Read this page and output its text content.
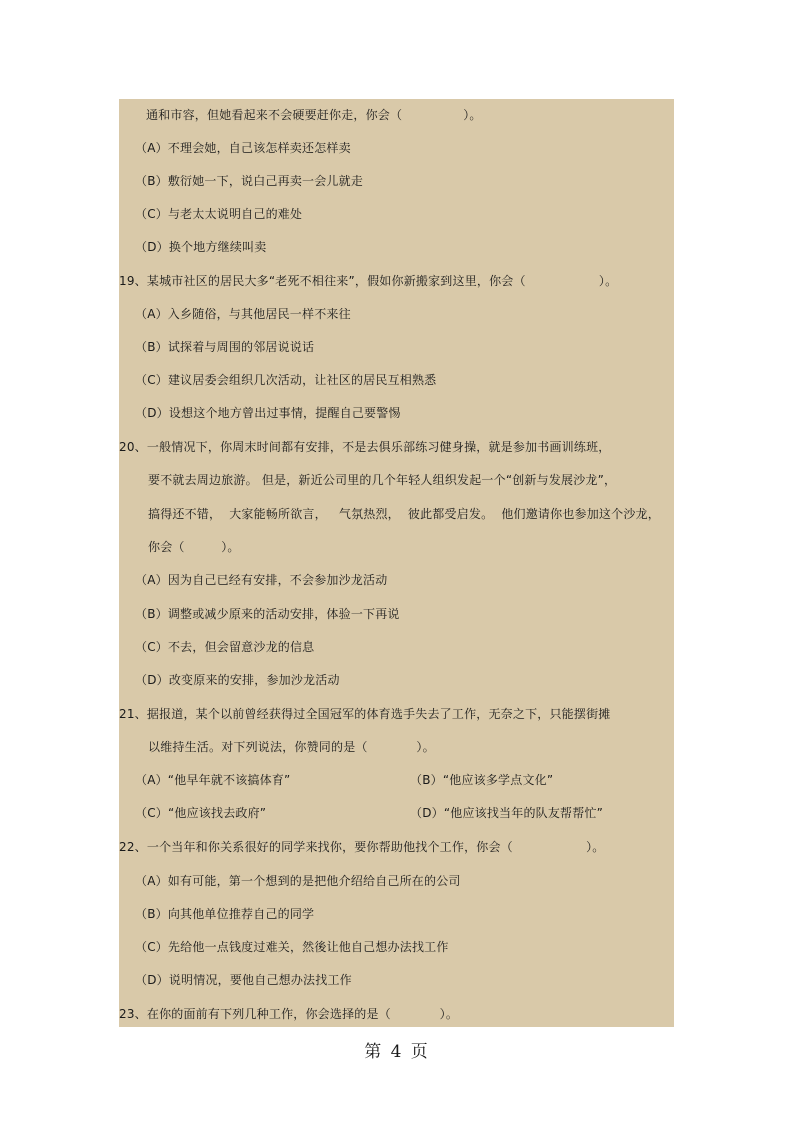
通和市容，但她看起来不会硬要赶你走，你会（　　　　　）。
（A）不理会她，自己该怎样卖还怎样卖
（B）敷衍她一下，说白己再卖一会儿就走
（C）与老太太说明自己的难处
（D）换个地方继续叫卖
19、某城市社区的居民大多“老死不相往来”，假如你新搬家到这里，你会（　　　　　　）。
（A）入乡随俗，与其他居民一样不来往
（B）试探着与周围的邻居说说话
（C）建议居委会组织几次活动，让社区的居民互相熟悉
（D）设想这个地方曾出过事情，提醒自己要警惕
20、一般情况下，你周末时间都有安排，不是去俱乐部练习健身操，就是参加书画训练班，
要不就去周边旅游。 但是，新近公司里的几个年轻人组织发起一个“创新与发展沙龙”，
搞得还不错，  大家能畅所欲言，   气氛热烈，  彼此都受启发。  他们邀请你也参加这个沙龙，
你会（　　　）。
（A）因为自己已经有安排，不会参加沙龙活动
（B）调整或减少原来的活动安排，体验一下再说
（C）不去，但会留意沙龙的信息
（D）改变原来的安排，参加沙龙活动
21、据报道，某个以前曾经获得过全国冠军的体育选手失去了工作，无奈之下，只能摆街摊
以维持生活。对下列说法，你赞同的是（　　　　）。
（A）“他早年就不该搞体育”	（B）“他应该多学点文化”
（C）“他应该找去政府”	（D）“他应该找当年的队友帮帮忙”
22、一个当年和你关系很好的同学来找你，要你帮助他找个工作，你会（　　　　　　）。
（A）如有可能，第一个想到的是把他介绍给自己所在的公司
（B）向其他单位推荐自己的同学
（C）先给他一点钱度过难关，然後让他自己想办法找工作
（D）说明情况，要他自己想办法找工作
23、在你的面前有下列几种工作，你会选择的是（　　　　）。
第 4 页
